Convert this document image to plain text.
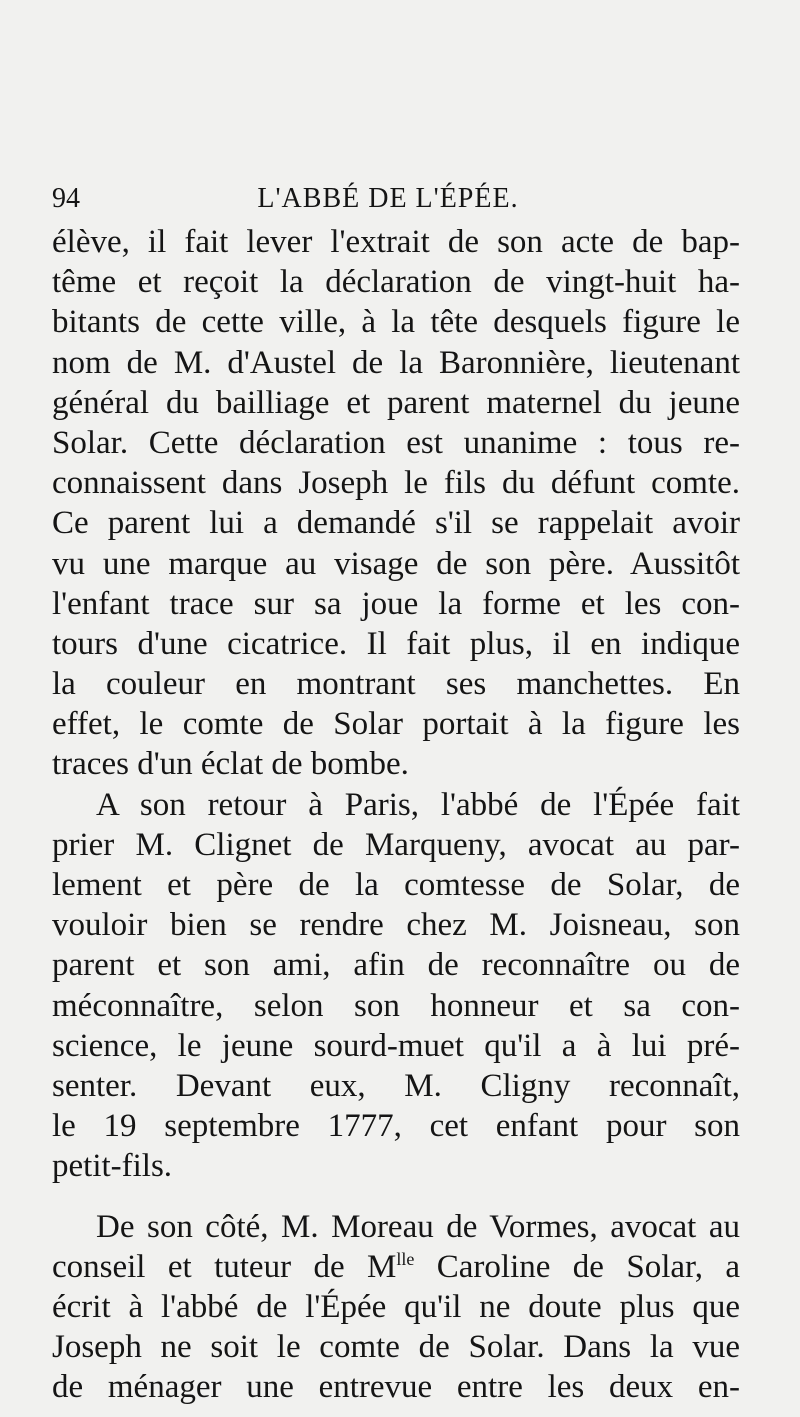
94	L'ABBÉ DE L'ÉPÉE.
élève, il fait lever l'extrait de son acte de bap-
tême et reçoit la déclaration de vingt-huit ha-
bitants de cette ville, à la tête desquels figure le
nom de M. d'Austel de la Baronnière, lieutenant
général du bailliage et parent maternel du jeune
Solar. Cette déclaration est unanime : tous re-
connaissent dans Joseph le fils du défunt comte.
Ce parent lui a demandé s'il se rappelait avoir
vu une marque au visage de son père. Aussitôt
l'enfant trace sur sa joue la forme et les con-
tours d'une cicatrice. Il fait plus, il en indique
la couleur en montrant ses manchettes. En
effet, le comte de Solar portait à la figure les
traces d'un éclat de bombe.
A son retour à Paris, l'abbé de l'Épée fait
prier M. Clignet de Marqueny, avocat au par-
lement et père de la comtesse de Solar, de
vouloir bien se rendre chez M. Joisneau, son
parent et son ami, afin de reconnaître ou de
méconnaître, selon son honneur et sa con-
science, le jeune sourd-muet qu'il a à lui pré-
senter. Devant eux, M. Cligny reconnaît,
le 19 septembre 1777, cet enfant pour son
petit-fils.
De son côté, M. Moreau de Vormes, avocat au
conseil et tuteur de $M^{lle}$ Caroline de Solar, a
écrit à l'abbé de l'Épée qu'il ne doute plus que
Joseph ne soit le comte de Solar. Dans la vue
de ménager une entrevue entre les deux en-
